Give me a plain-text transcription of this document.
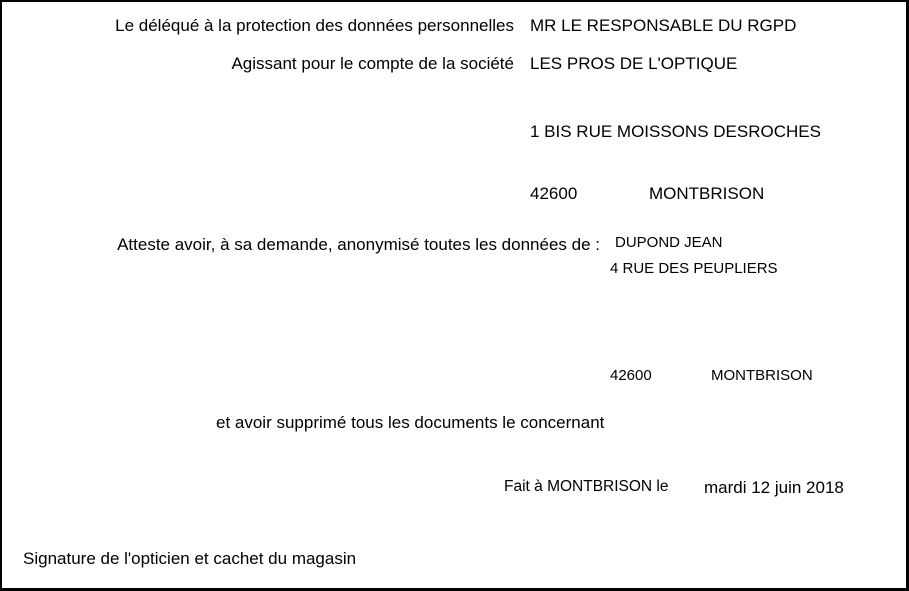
Le déléqué à la protection des données personnelles MR LE RESPONSABLE DU RGPD
Agissant pour le compte de la société LES PROS DE L'OPTIQUE
1 BIS RUE MOISSONS DESROCHES
42600	MONTBRISON
Atteste avoir, à sa demande, anonymisé toutes les données de : DUPOND JEAN
4 RUE DES PEUPLIERS
42600	MONTBRISON
et avoir supprimé tous les documents le concernant
Fait à MONTBRISON le mardi 12 juin 2018
Signature de l'opticien et cachet du magasin
